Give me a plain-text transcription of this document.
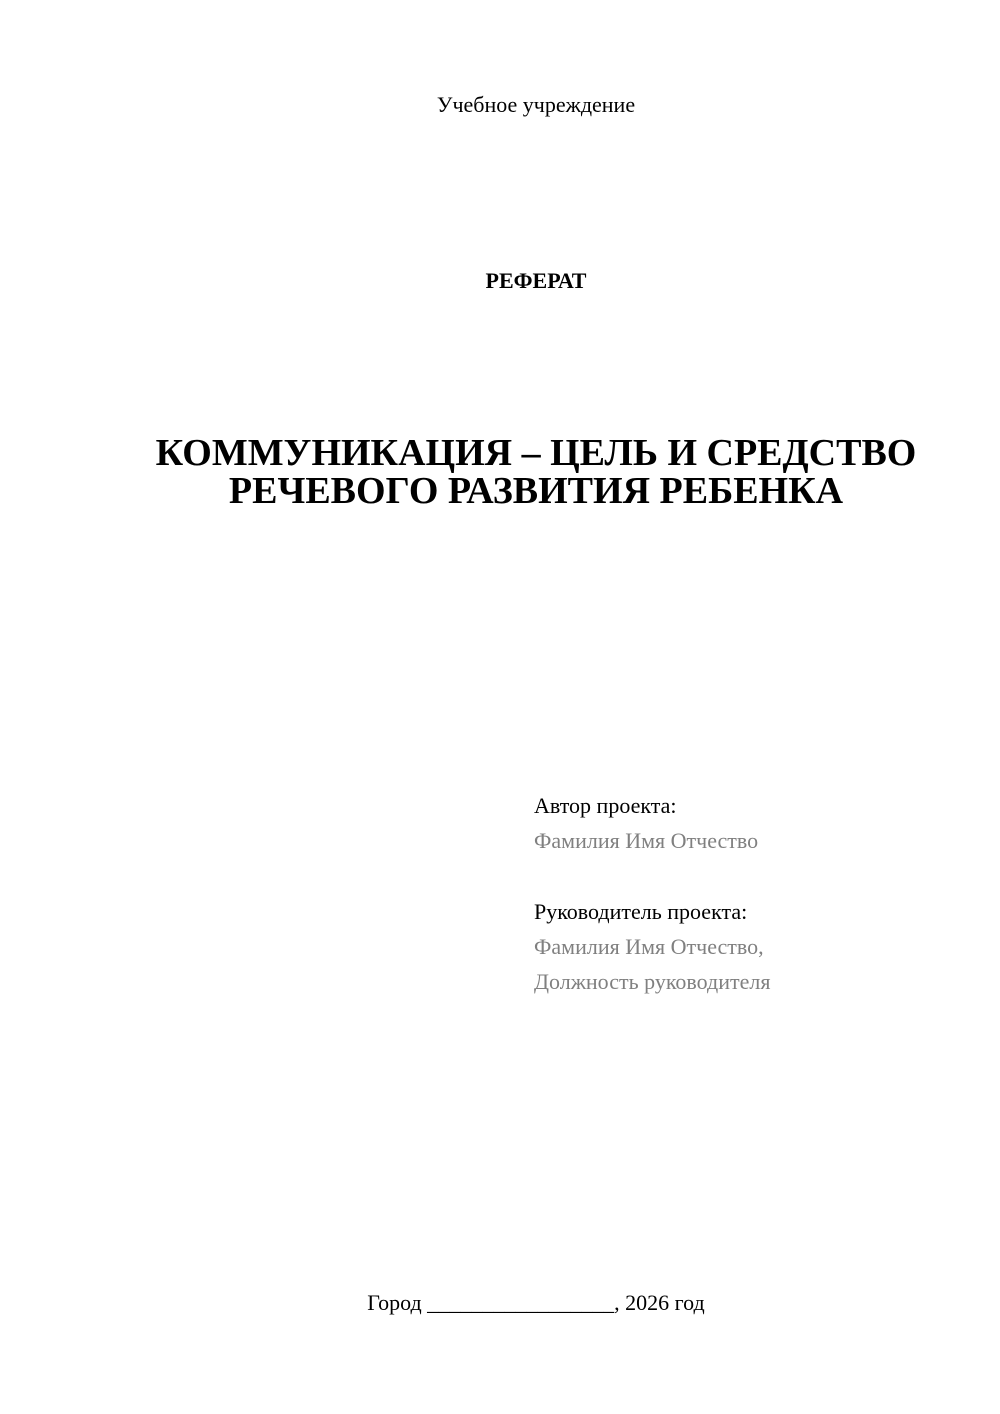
Учебное учреждение
РЕФЕРАТ
КОММУНИКАЦИЯ – ЦЕЛЬ И СРЕДСТВО
РЕЧЕВОГО РАЗВИТИЯ РЕБЕНКА
Автор проекта:
Фамилия Имя Отчество
Руководитель проекта:
Фамилия Имя Отчество,
Должность руководителя
Город _________________, 2026 год
